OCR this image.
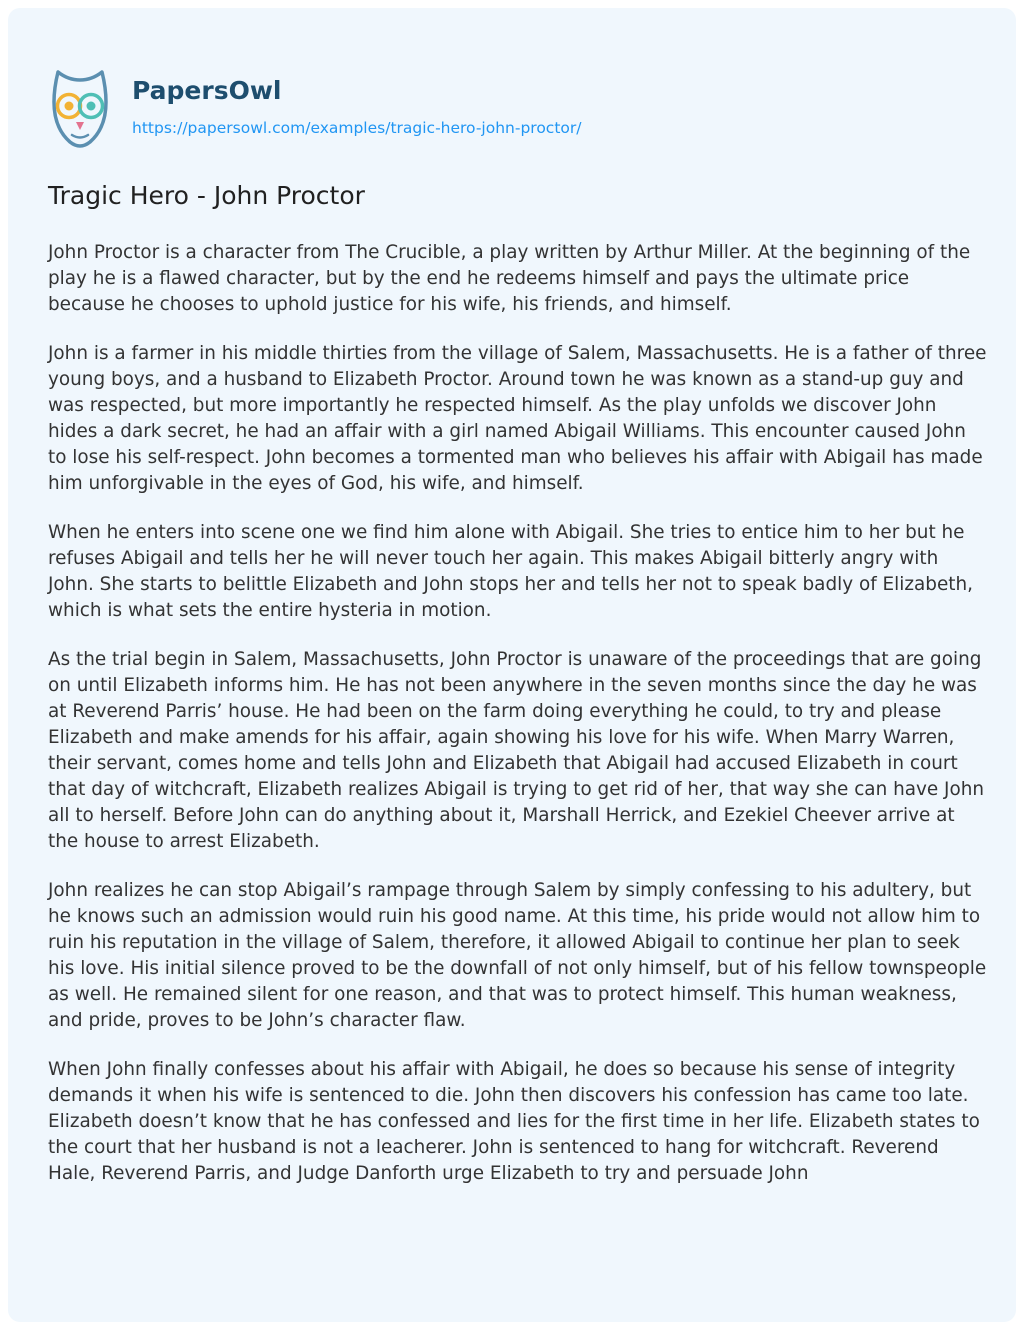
PapersOwl
https://papersowl.com/examples/tragic-hero-john-proctor/
Tragic Hero - John Proctor

John Proctor is a character from The Crucible, a play written by Arthur Miller. At the beginning of the play he is a flawed character, but by the end he redeems himself and pays the ultimate price because he chooses to uphold justice for his wife, his friends, and himself.

John is a farmer in his middle thirties from the village of Salem, Massachusetts. He is a father of three young boys, and a husband to Elizabeth Proctor. Around town he was known as a stand-up guy and was respected, but more importantly he respected himself. As the play unfolds we discover John hides a dark secret, he had an affair with a girl named Abigail Williams. This encounter caused John to lose his self-respect. John becomes a tormented man who believes his affair with Abigail has made him unforgivable in the eyes of God, his wife, and himself.

When he enters into scene one we find him alone with Abigail. She tries to entice him to her but he refuses Abigail and tells her he will never touch her again. This makes Abigail bitterly angry with John. She starts to belittle Elizabeth and John stops her and tells her not to speak badly of Elizabeth, which is what sets the entire hysteria in motion.

As the trial begin in Salem, Massachusetts, John Proctor is unaware of the proceedings that are going on until Elizabeth informs him. He has not been anywhere in the seven months since the day he was at Reverend Parris’ house. He had been on the farm doing everything he could, to try and please Elizabeth and make amends for his affair, again showing his love for his wife. When Marry Warren, their servant, comes home and tells John and Elizabeth that Abigail had accused Elizabeth in court that day of witchcraft, Elizabeth realizes Abigail is trying to get rid of her, that way she can have John all to herself. Before John can do anything about it, Marshall Herrick, and Ezekiel Cheever arrive at the house to arrest Elizabeth.

John realizes he can stop Abigail’s rampage through Salem by simply confessing to his adultery, but he knows such an admission would ruin his good name. At this time, his pride would not allow him to ruin his reputation in the village of Salem, therefore, it allowed Abigail to continue her plan to seek his love. His initial silence proved to be the downfall of not only himself, but of his fellow townspeople as well. He remained silent for one reason, and that was to protect himself. This human weakness, and pride, proves to be John’s character flaw.

When John finally confesses about his affair with Abigail, he does so because his sense of integrity demands it when his wife is sentenced to die. John then discovers his confession has came too late. Elizabeth doesn’t know that he has confessed and lies for the first time in her life. Elizabeth states to the court that her husband is not a leacherer. John is sentenced to hang for witchcraft. Reverend Hale, Reverend Parris, and Judge Danforth urge Elizabeth to try and persuade John
